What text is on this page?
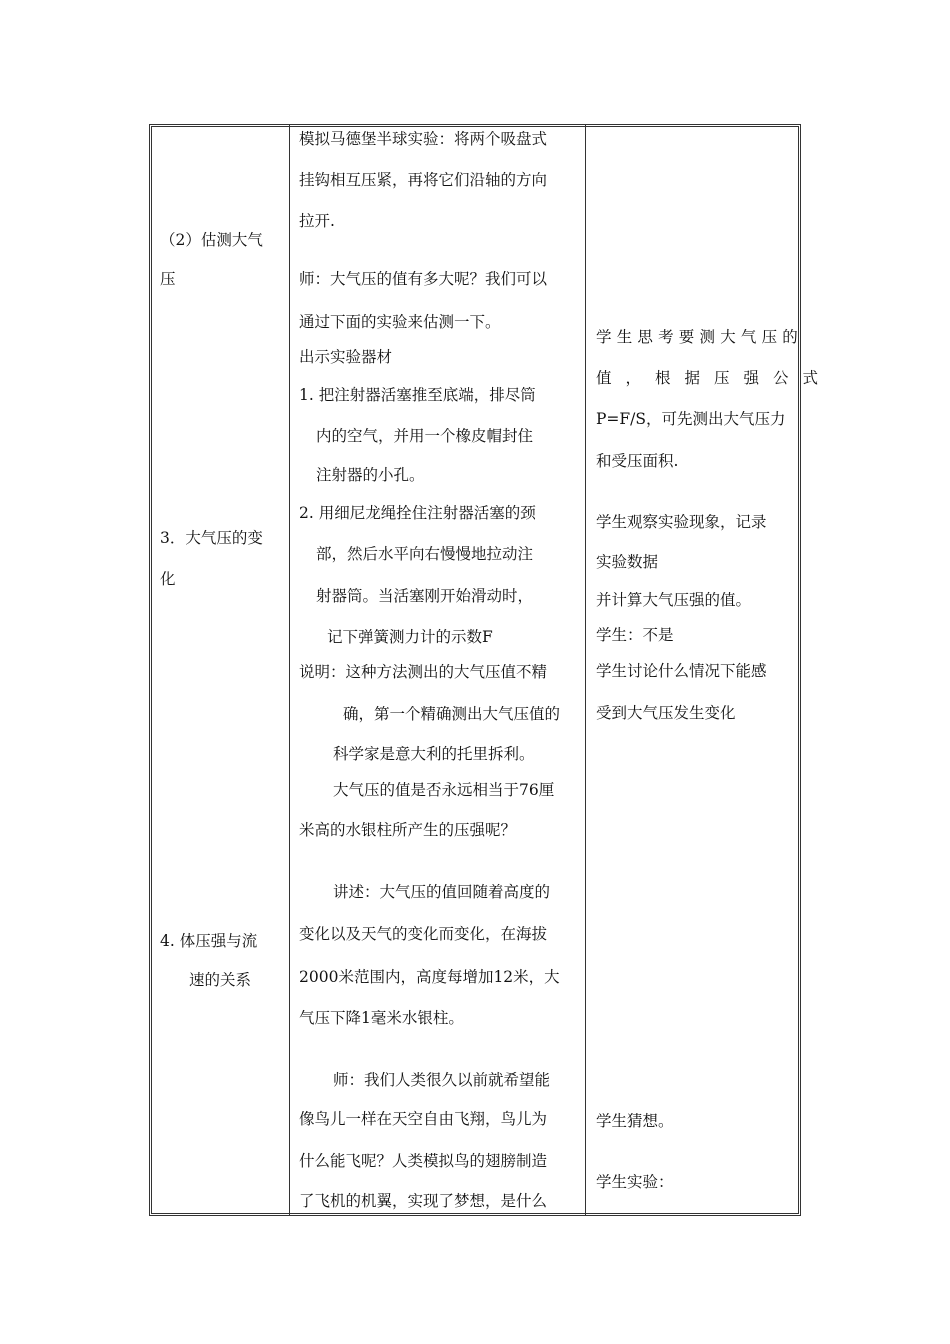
（2）估测大气
压
3．大气压的变
化
4. 体压强与流
速的关系
模拟马德堡半球实验：将两个吸盘式
挂钩相互压紧，再将它们沿轴的方向
拉开.
师：大气压的值有多大呢？我们可以
通过下面的实验来估测一下。
出示实验器材
1. 把注射器活塞推至底端，排尽筒
内的空气，并用一个橡皮帽封住
注射器的小孔。
2. 用细尼龙绳拴住注射器活塞的颈
部，然后水平向右慢慢地拉动注
射器筒。当活塞刚开始滑动时，
记下弹簧测力计的示数F
说明：这种方法测出的大气压值不精
确，第一个精确测出大气压值的
科学家是意大利的托里拆利。
大气压的值是否永远相当于76厘
米高的水银柱所产生的压强呢？
讲述：大气压的值回随着高度的
变化以及天气的变化而变化，在海拔
2000米范围内，高度每增加12米，大
气压下降1毫米水银柱。
师：我们人类很久以前就希望能
像鸟儿一样在天空自由飞翔，鸟儿为
什么能飞呢？人类模拟鸟的翅膀制造
了飞机的机翼，实现了梦想，是什么
学生思考要测大气压的
值，根据压强公式
P=F/S，可先测出大气压力
和受压面积.
学生观察实验现象，记录
实验数据
并计算大气压强的值。
学生：不是
学生讨论什么情况下能感
受到大气压发生变化
学生猜想。
学生实验：
